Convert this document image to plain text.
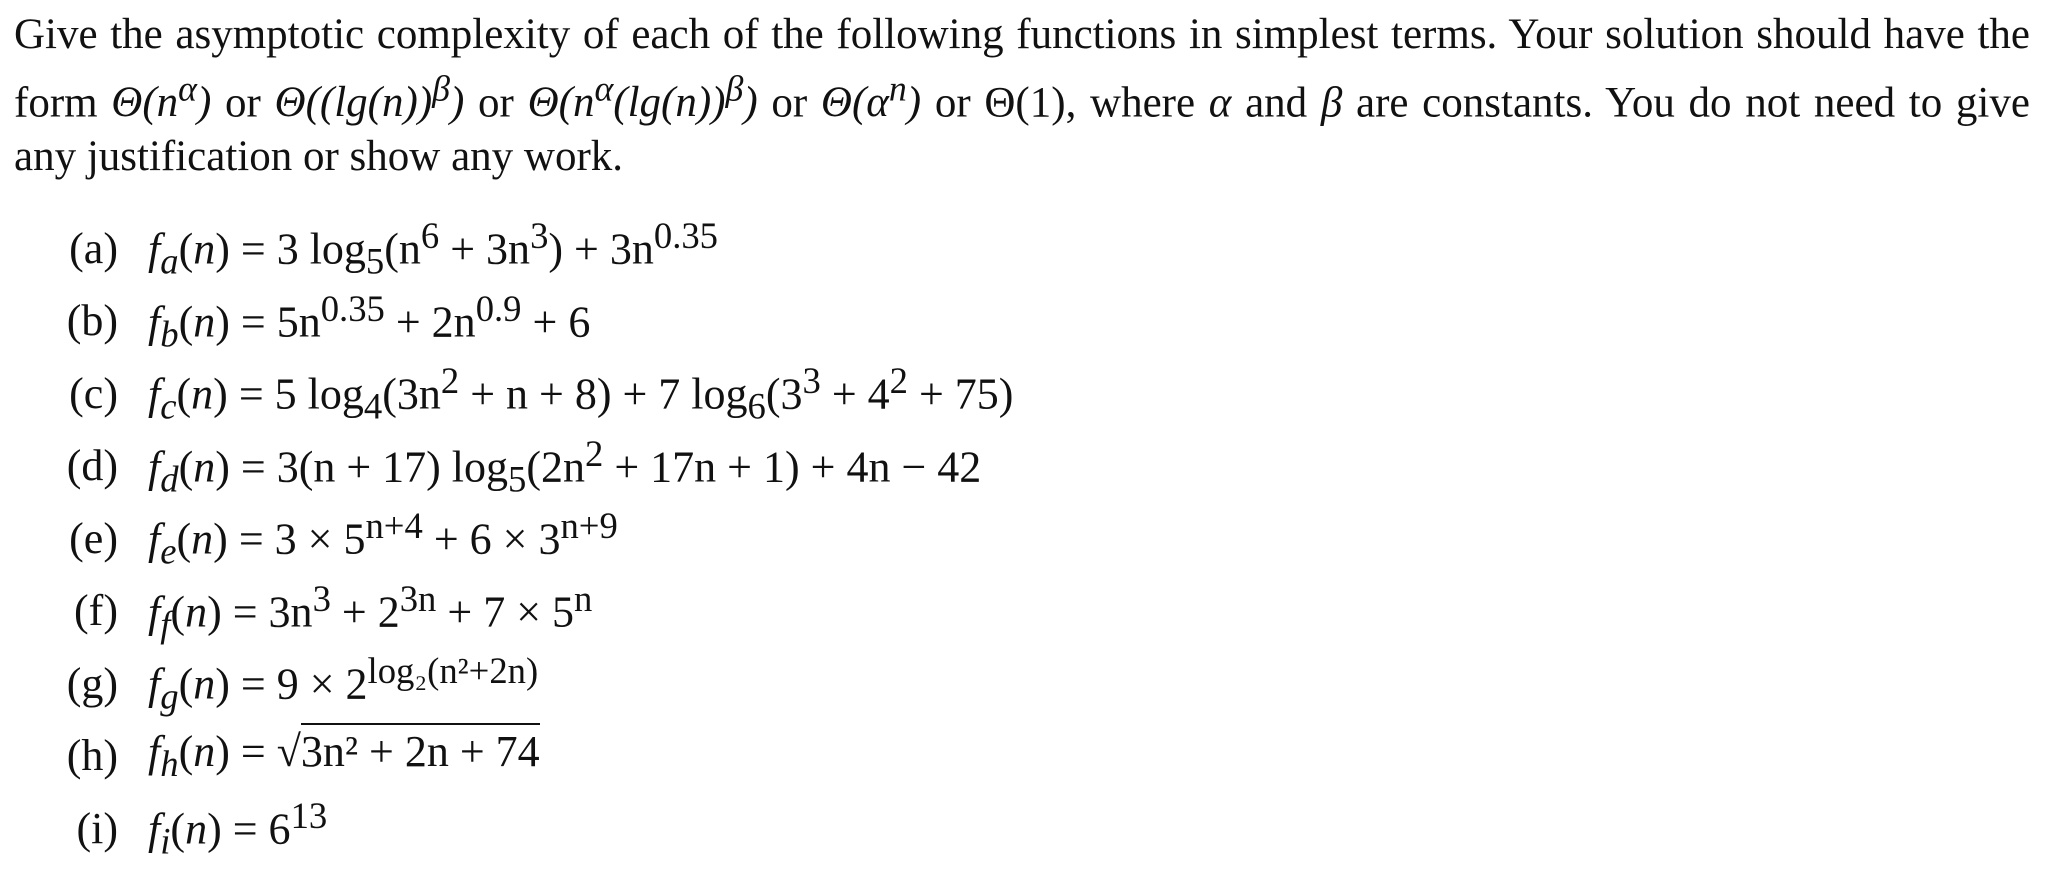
Give the asymptotic complexity of each of the following functions in simplest terms. Your solution should have the form $\Theta(n^\alpha)$ or $\Theta((\lg(n))^\beta)$ or $\Theta(n^\alpha(\lg(n))^\beta)$ or $\Theta(\alpha^n)$ or Θ(1), where α and β are constants. You do not need to give any justification or show any work.
(a) $f_a(n) = 3$ $\log_5(n^6 + 3n^3) + 3n^{0.35}$
(b) $f_b(n) = 5n^{0.35} + 2n^{0.9} + 6$
(c) $f_c(n) = 5$ $\log_4(3n^2 + n + 8) + 7$ $\log_6(3^3 + 4^2 + 75)$
(d) $f_d(n) = 3(n + 17) \log_5(2n^2 + 17n + 1) + 4n - 42$
(e) $f_e(n) = 3 \times 5^{n+4} + 6 \times 3^{n+9}$
(f) $f_f(n) = 3n^3 + 2^{3n} + 7 \times 5^n$
(g) $f_g(n) = 9 \times 2^{log_2(n^2+2n)}$
(h) $f_h(n) = √3n^2 + 2n + 74$
(i) $f_i(n) = 6^{13}$
